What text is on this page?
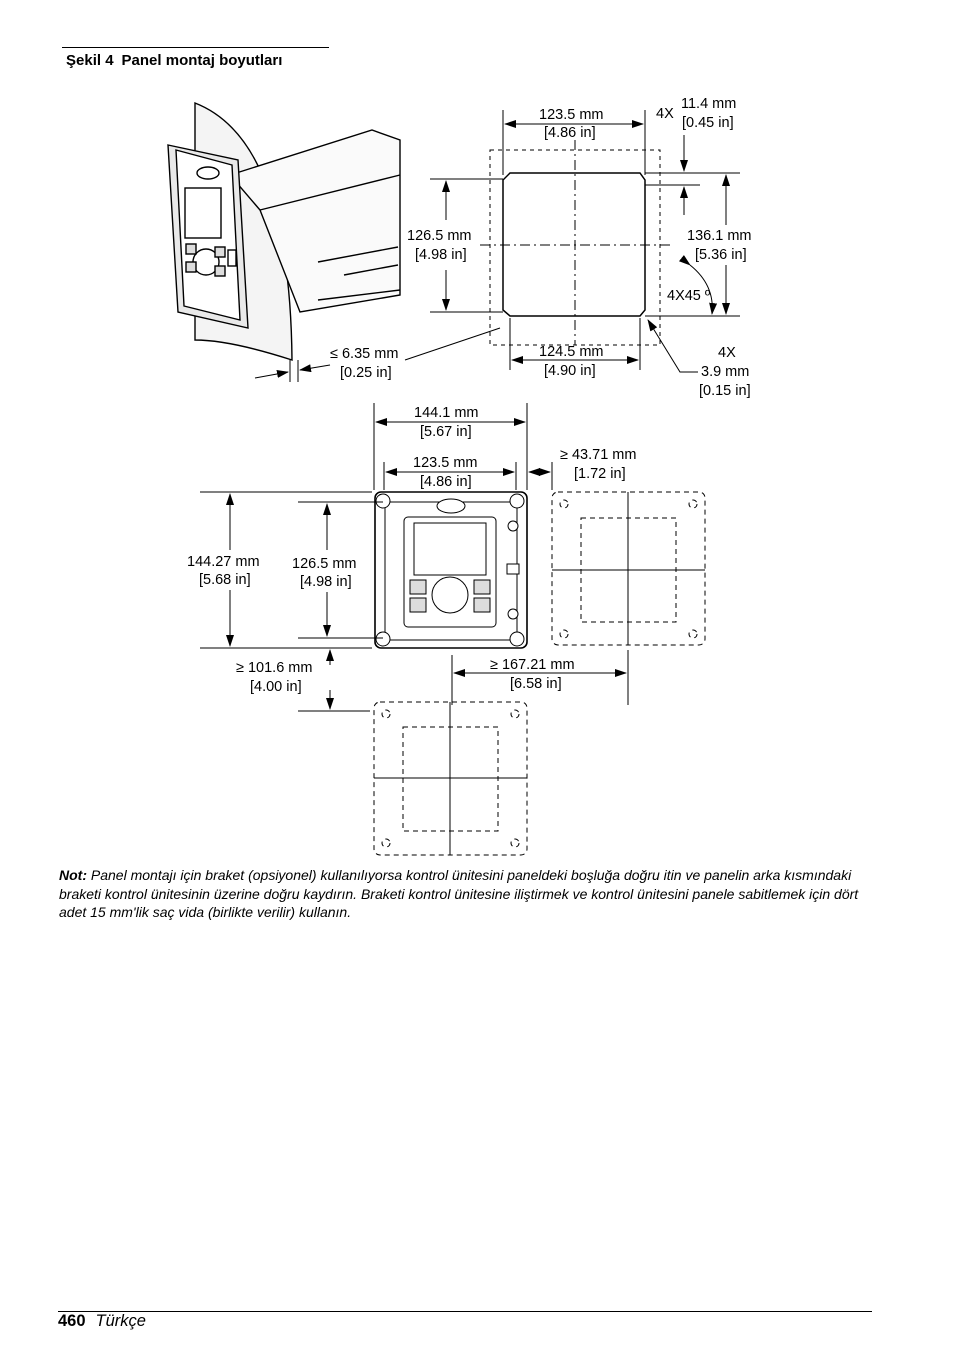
Şekil 4 Panel montaj boyutları
123.5 mm
[4.86 in]
4X
11.4 mm
[0.45 in]
126.5 mm
[4.98 in]
136.1 mm
[5.36 in]
4X45 º
≤ 6.35 mm
[0.25 in]
124.5 mm
[4.90 in]
4X
3.9 mm
[0.15 in]
144.1 mm
[5.67 in]
123.5 mm
[4.86 in]
≥ 43.71 mm
[1.72 in]
144.27 mm
[5.68 in]
126.5 mm
[4.98 in]
≥ 101.6 mm
[4.00 in]
≥ 167.21 mm
[6.58 in]
Not: Panel montajı için braket (opsiyonel) kullanılıyorsa kontrol ünitesini paneldeki boşluğa doğru itin ve panelin arka kısmındaki braketi kontrol ünitesinin üzerine doğru kaydırın. Braketi kontrol ünitesine iliştirmek ve kontrol ünitesini panele sabitlemek için dört adet 15 mm'lik saç vida (birlikte verilir) kullanın.
460 Türkçe
